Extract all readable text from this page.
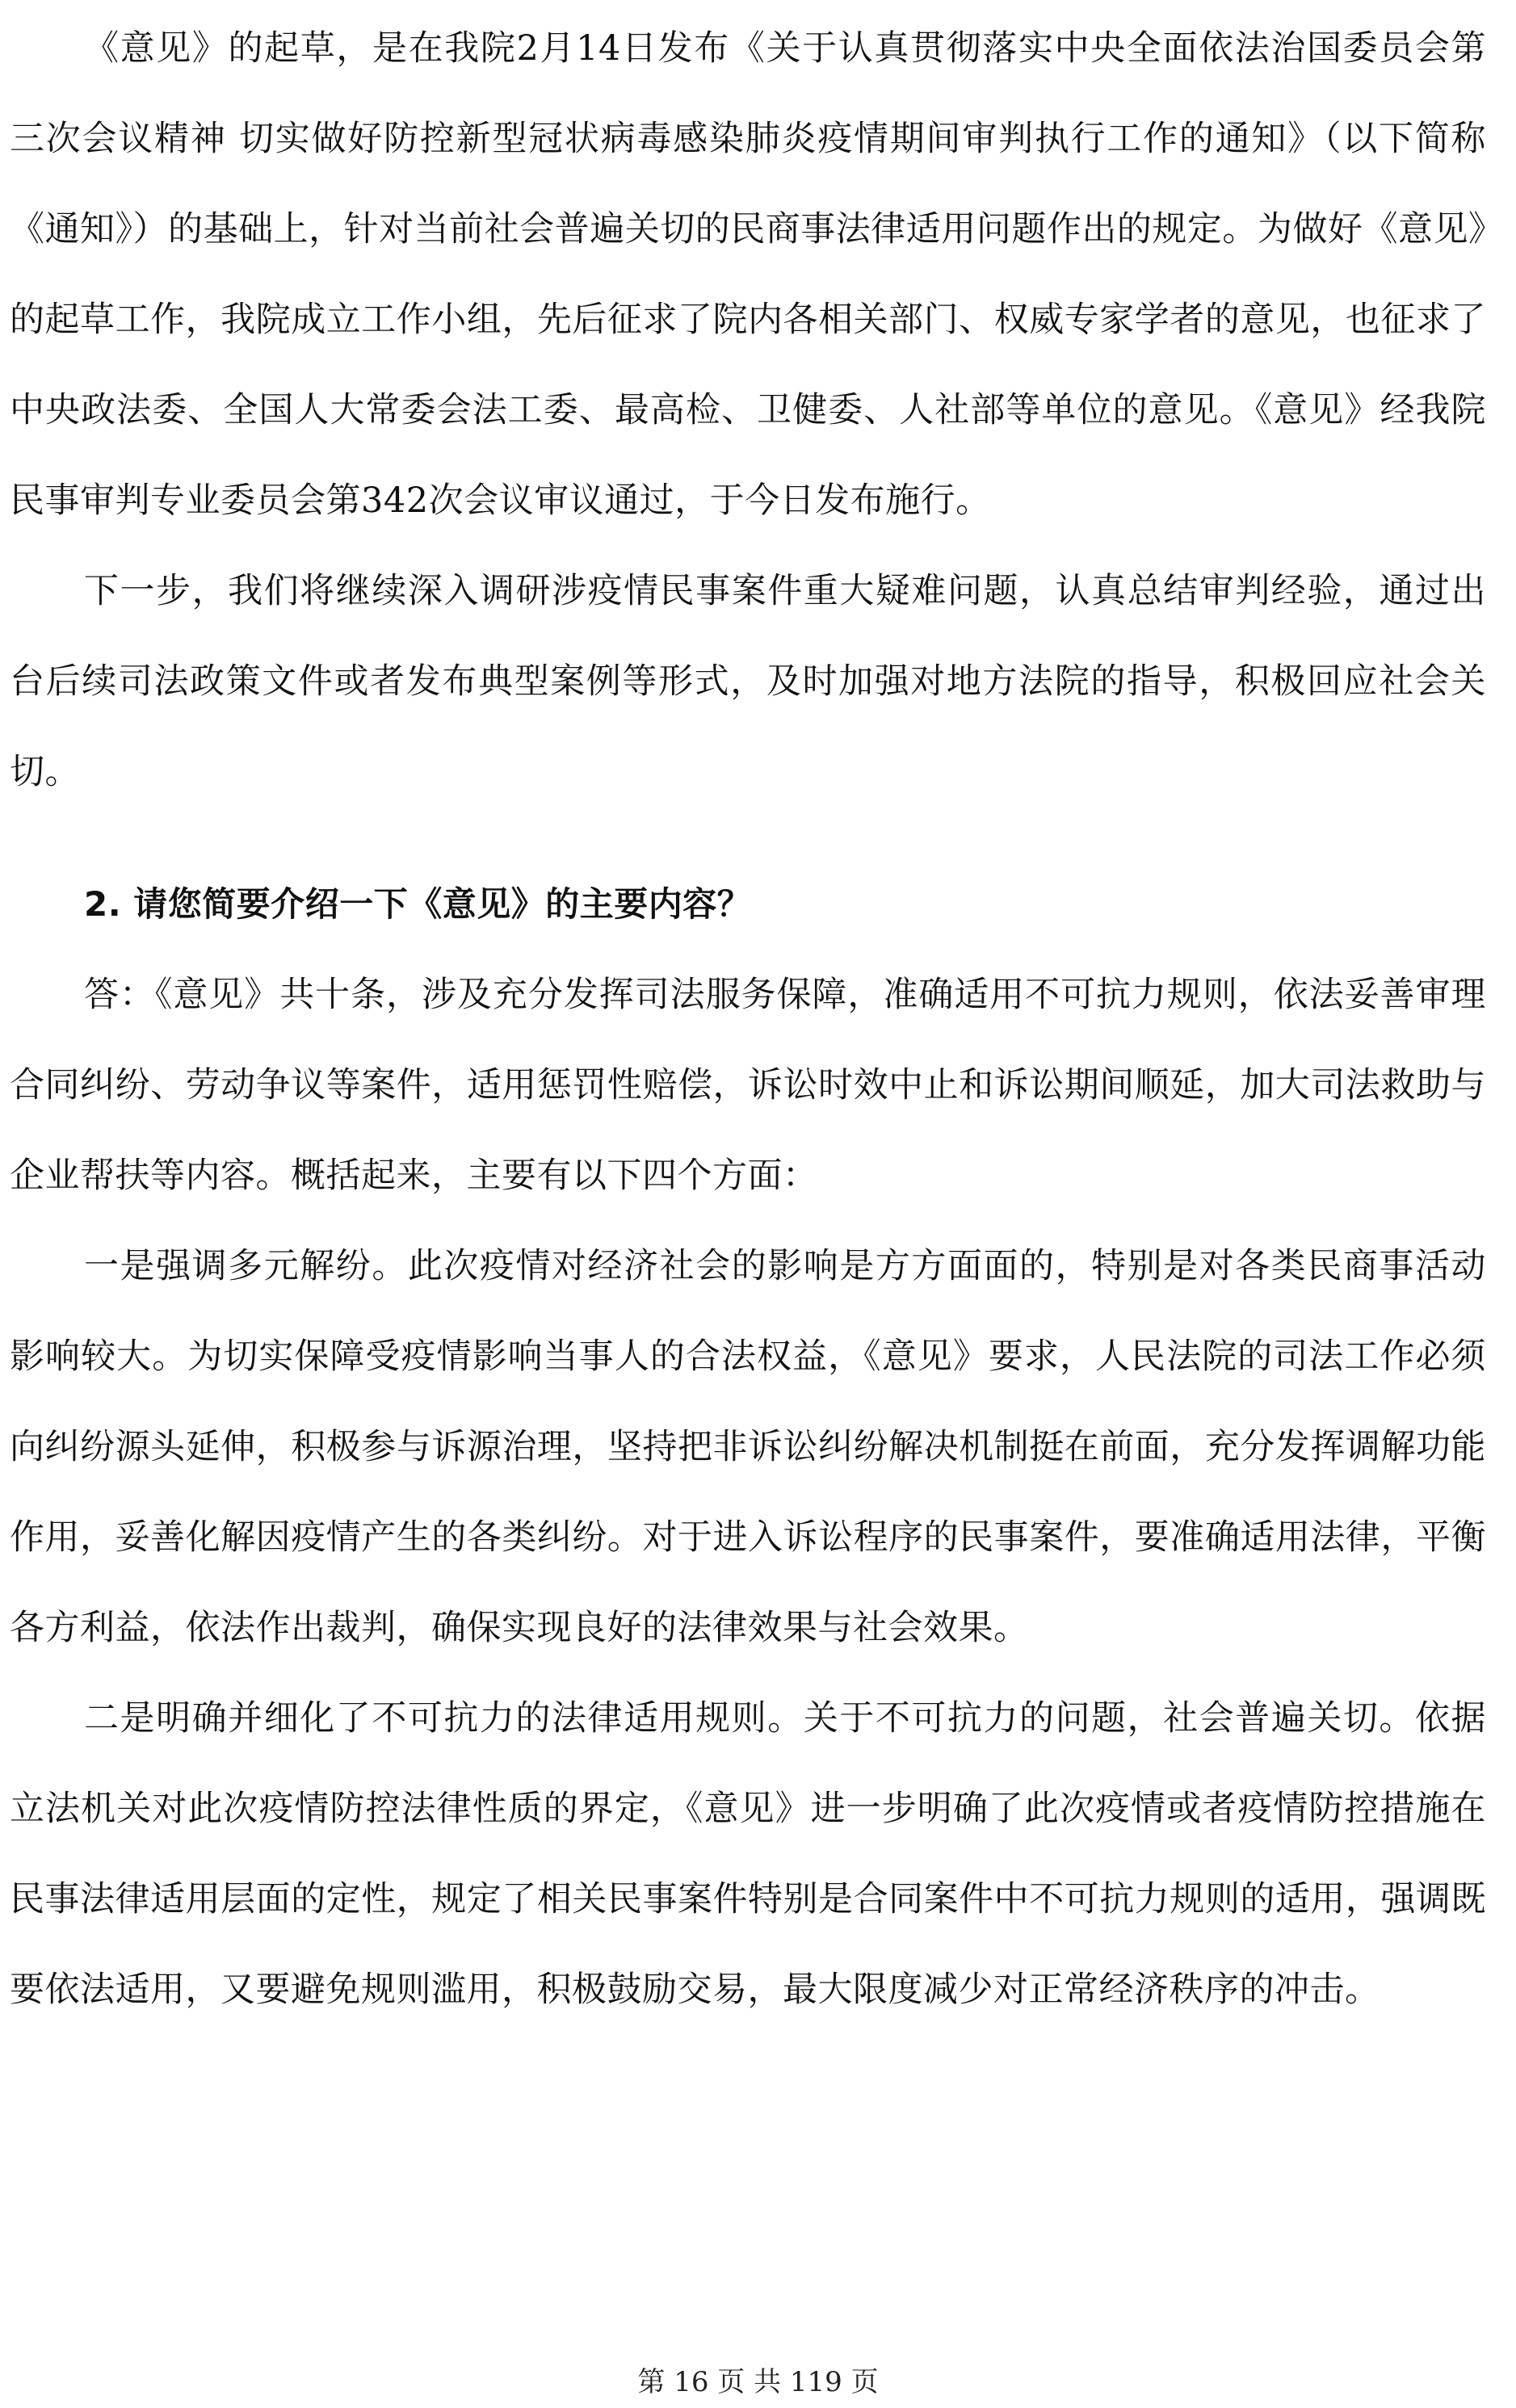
《意见》的起草，是在我院2月14日发布《关于认真贯彻落实中央全面依法治国委员会第三次会议精神 切实做好防控新型冠状病毒感染肺炎疫情期间审判执行工作的通知》（以下简称《通知》）的基础上，针对当前社会普遍关切的民商事法律适用问题作出的规定。为做好《意见》的起草工作，我院成立工作小组，先后征求了院内各相关部门、权威专家学者的意见，也征求了中央政法委、全国人大常委会法工委、最高检、卫健委、人社部等单位的意见。《意见》经我院民事审判专业委员会第342次会议审议通过，于今日发布施行。

下一步，我们将继续深入调研涉疫情民事案件重大疑难问题，认真总结审判经验，通过出台后续司法政策文件或者发布典型案例等形式，及时加强对地方法院的指导，积极回应社会关切。

2. 请您简要介绍一下《意见》的主要内容？

答：《意见》共十条，涉及充分发挥司法服务保障，准确适用不可抗力规则，依法妥善审理合同纠纷、劳动争议等案件，适用惩罚性赔偿，诉讼时效中止和诉讼期间顺延，加大司法救助与企业帮扶等内容。概括起来，主要有以下四个方面：

一是强调多元解纷。此次疫情对经济社会的影响是方方面面的，特别是对各类民商事活动影响较大。为切实保障受疫情影响当事人的合法权益，《意见》要求，人民法院的司法工作必须向纠纷源头延伸，积极参与诉源治理，坚持把非诉讼纠纷解决机制挺在前面，充分发挥调解功能作用，妥善化解因疫情产生的各类纠纷。对于进入诉讼程序的民事案件，要准确适用法律，平衡各方利益，依法作出裁判，确保实现良好的法律效果与社会效果。

二是明确并细化了不可抗力的法律适用规则。关于不可抗力的问题，社会普遍关切。依据立法机关对此次疫情防控法律性质的界定，《意见》进一步明确了此次疫情或者疫情防控措施在民事法律适用层面的定性，规定了相关民事案件特别是合同案件中不可抗力规则的适用，强调既要依法适用，又要避免规则滥用，积极鼓励交易，最大限度减少对正常经济秩序的冲击。

第 16 页 共 119 页
